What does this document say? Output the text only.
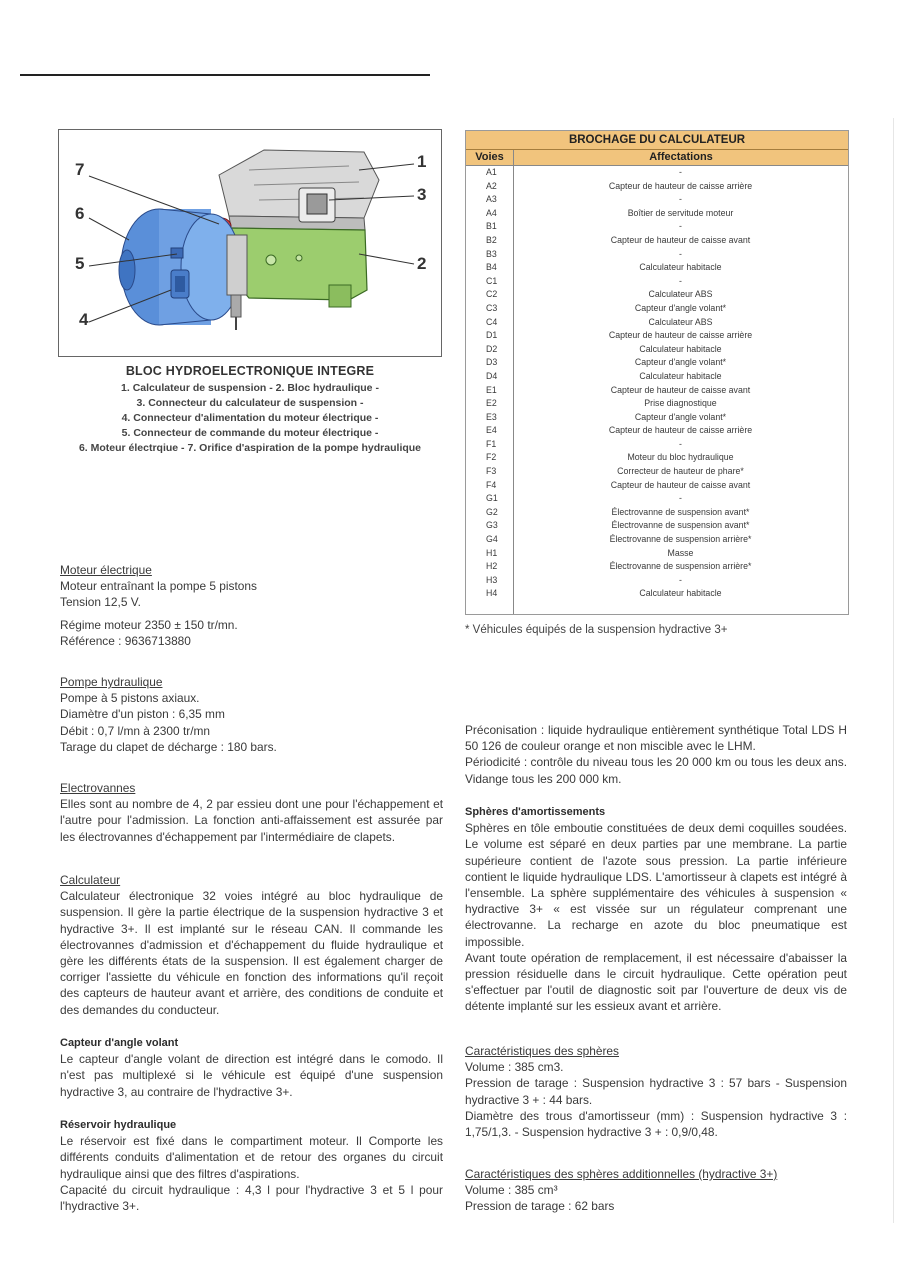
7	1
6
3
5	2
4
BLOC HYDROELECTRONIQUE INTEGRE
1. Calculateur de suspension - 2. Bloc hydraulique -
3. Connecteur du calculateur de suspension -
4. Connecteur d'alimentation du moteur électrique -
5. Connecteur de commande du moteur électrique -
6. Moteur électrqiue - 7. Orifice d'aspiration de la pompe hydraulique
BROCHAGE DU CALCULATEUR
Voies	Affectations
A1	-
A2	Capteur de hauteur de caisse arrière
A3	-
A4	Boîtier de servitude moteur
B1	-
B2	Capteur de hauteur de caisse avant
B3	-
B4	Calculateur habitacle
C1	-
C2	Calculateur ABS
C3	Capteur d'angle volant*
C4	Calculateur ABS
D1	Capteur de hauteur de caisse arrière
D2	Calculateur habitacle
D3	Capteur d'angle volant*
D4	Calculateur habitacle
E1	Capteur de hauteur de caisse avant
E2	Prise diagnostique
E3	Capteur d'angle volant*
E4	Capteur de hauteur de caisse arrière
F1	-
F2	Moteur du bloc hydraulique
F3	Correcteur de hauteur de phare*
F4	Capteur de hauteur de caisse avant
G1	-
G2	Électrovanne de suspension avant*
G3	Électrovanne de suspension avant*
G4	Électrovanne de suspension arrière*
H1	Masse
H2	Électrovanne de suspension arrière*
H3	-
H4	Calculateur habitacle
* Véhicules équipés de la suspension hydractive 3+
Moteur électrique
Moteur entraînant la pompe 5 pistons
Tension 12,5 V.
Régime moteur 2350 ± 150 tr/mn.
Référence : 9636713880
Pompe hydraulique
Pompe à 5 pistons axiaux.
Diamètre d'un piston : 6,35 mm
Débit : 0,7 l/mn à 2300 tr/mn
Tarage du clapet de décharge : 180 bars.
Electrovannes

Elles sont au nombre de 4, 2 par essieu dont une pour l'échappement et l'autre pour l'admission. La fonction anti-affaissement est assurée par les électrovannes d'échappement par l'intermédiaire de clapets.

Calculateur

Calculateur électronique 32 voies intégré au bloc hydraulique de suspension. Il gère la partie électrique de la suspension hydractive 3 et hydractive 3+. Il est implanté sur le réseau CAN. Il commande les électrovannes d'admission et d'échappement du fluide hydraulique et gère les différents états de la suspension. Il est également charger de corriger l'assiette du véhicule en fonction des informations qu'il reçoit des capteurs de hauteur avant et arrière, des conditions de conduite et des demandes du conducteur.

Capteur d'angle volant

Le capteur d'angle volant de direction est intégré dans le comodo. Il n'est pas multiplexé si le véhicule est équipé d'une suspension hydractive 3, au contraire de l'hydractive 3+.

Réservoir hydraulique

Le réservoir est fixé dans le compartiment moteur. Il Comporte les différents conduits d'alimentation et de retour des organes du circuit hydraulique ainsi que des filtres d'aspirations.

Capacité du circuit hydraulique : 4,3 l pour l'hydractive 3 et 5 l pour l'hydractive 3+.

Préconisation : liquide hydraulique entièrement synthétique Total LDS H 50 126 de couleur orange et non miscible avec le LHM.

Périodicité : contrôle du niveau tous les 20 000 km ou tous les deux ans. Vidange tous les 200 000 km.

Sphères d'amortissements

Sphères en tôle emboutie constituées de deux demi coquilles soudées. Le volume est séparé en deux parties par une membrane. La partie supérieure contient de l'azote sous pression. La partie inférieure contient le liquide hydraulique LDS. L'amortisseur à clapets est intégré à l'ensemble. La sphère supplémentaire des véhicules à suspension « hydractive 3+ « est vissée sur un régulateur comprenant une électrovanne. La recharge en azote du bloc pneumatique est impossible.

Avant toute opération de remplacement, il est nécessaire d'abaisser la pression résiduelle dans le circuit hydraulique. Cette opération peut s'effectuer par l'outil de diagnostic soit par l'ouverture de deux vis de détente implanté sur les essieux avant et arrière.

Caractéristiques des sphères
Volume : 385 cm3.

Pression de tarage : Suspension hydractive 3 : 57 bars - Suspension hydractive 3 + : 44 bars.

Diamètre des trous d'amortisseur (mm) : Suspension hydractive 3 : 1,75/1,3. - Suspension hydractive 3 + : 0,9/0,48.

Caractéristiques des sphères additionnelles (hydractive 3+)
Volume : 385 cm³
Pression de tarage : 62 bars
